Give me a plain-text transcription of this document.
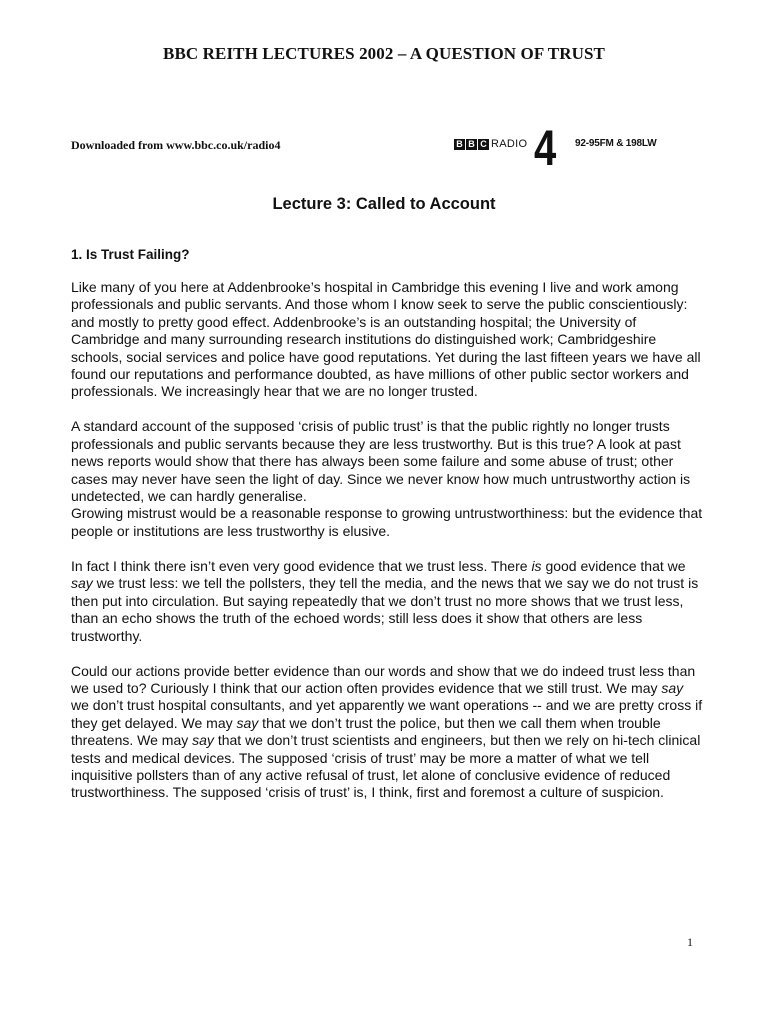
BBC REITH LECTURES 2002 – A QUESTION OF TRUST
Downloaded from www.bbc.co.uk/radio4	B B C RADIO 4 92-95FM & 198LW
Lecture 3: Called to Account
1. Is Trust Failing?

Like many of you here at Addenbrooke’s hospital in Cambridge this evening I live and work among professionals and public servants. And those whom I know seek to serve the public conscientiously: and mostly to pretty good effect. Addenbrooke’s is an outstanding hospital; the University of Cambridge and many surrounding research institutions do distinguished work; Cambridgeshire schools, social services and police have good reputations. Yet during the last fifteen years we have all found our reputations and performance doubted, as have millions of other public sector workers and professionals. We increasingly hear that we are no longer trusted.

A standard account of the supposed ‘crisis of public trust’ is that the public rightly no longer trusts professionals and public servants because they are less trustworthy. But is this true? A look at past news reports would show that there has always been some failure and some abuse of trust; other cases may never have seen the light of day. Since we never know how much untrustworthy action is undetected, we can hardly generalise.

Growing mistrust would be a reasonable response to growing untrustworthiness: but the evidence that people or institutions are less trustworthy is elusive.

In fact I think there isn’t even very good evidence that we trust less. There is good evidence that we say we trust less: we tell the pollsters, they tell the media, and the news that we say we do not trust is then put into circulation. But saying repeatedly that we don’t trust no more shows that we trust less, than an echo shows the truth of the echoed words; still less does it show that others are less trustworthy.

Could our actions provide better evidence than our words and show that we do indeed trust less than we used to? Curiously I think that our action often provides evidence that we still trust. We may say we don’t trust hospital consultants, and yet apparently we want operations -- and we are pretty cross if they get delayed. We may say that we don’t trust the police, but then we call them when trouble threatens. We may say that we don’t trust scientists and engineers, but then we rely on hi-tech clinical tests and medical devices. The supposed ‘crisis of trust’ may be more a matter of what we tell inquisitive pollsters than of any active refusal of trust, let alone of conclusive evidence of reduced trustworthiness. The supposed ‘crisis of trust’ is, I think, first and foremost a culture of suspicion.

1
